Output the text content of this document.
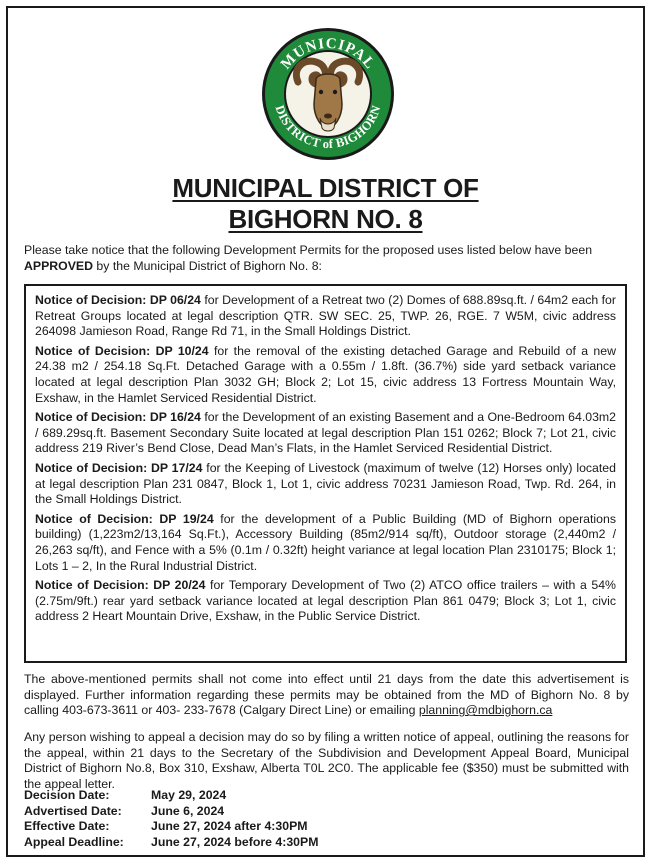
MUNICIPAL
DISTRICT of BIGHORN
MUNICIPAL DISTRICT OF
BIGHORN NO. 8
Please take notice that the following Development Permits for the proposed uses listed below have been APPROVED by the Municipal District of Bighorn No. 8:

Notice of Decision: DP 06/24 for Development of a Retreat two (2) Domes of 688.89sq.ft. / 64m2 each for Retreat Groups located at legal description QTR. SW SEC. 25, TWP. 26, RGE. 7 W5M, civic address 264098 Jamieson Road, Range Rd 71, in the Small Holdings District.

Notice of Decision: DP 10/24 for the removal of the existing detached Garage and Rebuild of a new 24.38 m2 / 254.18 Sq.Ft. Detached Garage with a 0.55m / 1.8ft. (36.7%) side yard setback variance located at legal description Plan 3032 GH; Block 2; Lot 15, civic address 13 Fortress Mountain Way, Exshaw, in the Hamlet Serviced Residential District.

Notice of Decision: DP 16/24 for the Development of an existing Basement and a One-Bedroom 64.03m2 / 689.29sq.ft. Basement Secondary Suite located at legal description Plan 151 0262; Block 7; Lot 21, civic address 219 River’s Bend Close, Dead Man’s Flats, in the Hamlet Serviced Residential District.

Notice of Decision: DP 17/24 for the Keeping of Livestock (maximum of twelve (12) Horses only) located at legal description Plan 231 0847, Block 1, Lot 1, civic address 70231 Jamieson Road, Twp. Rd. 264, in the Small Holdings District.

Notice of Decision: DP 19/24 for the development of a Public Building (MD of Bighorn operations building) (1,223m2/13,164 Sq.Ft.), Accessory Building (85m2/914 sq/ft), Outdoor storage (2,440m2 / 26,263 sq/ft), and Fence with a 5% (0.1m / 0.32ft) height variance at legal location Plan 2310175; Block 1; Lots 1 – 2, In the Rural Industrial District.

Notice of Decision: DP 20/24 for Temporary Development of Two (2) ATCO office trailers – with a 54% (2.75m/9ft.) rear yard setback variance located at legal description Plan 861 0479; Block 3; Lot 1, civic address 2 Heart Mountain Drive, Exshaw, in the Public Service District.

The above-mentioned permits shall not come into effect until 21 days from the date this advertisement is displayed. Further information regarding these permits may be obtained from the MD of Bighorn No. 8 by calling 403-673-3611 or 403- 233-7678 (Calgary Direct Line) or emailing planning@mdbighorn.ca
Any person wishing to appeal a decision may do so by filing a written notice of appeal, outlining the reasons for the appeal, within 21 days to the Secretary of the Subdivision and Development Appeal Board, Municipal District of Bighorn No.8, Box 310, Exshaw, Alberta T0L 2C0. The applicable fee ($350) must be submitted with the appeal letter.
Decision Date:	May 29, 2024
Advertised Date:	June 6, 2024
Effective Date:	June 27, 2024 after 4:30PM
Appeal Deadline:	June 27, 2024 before 4:30PM
